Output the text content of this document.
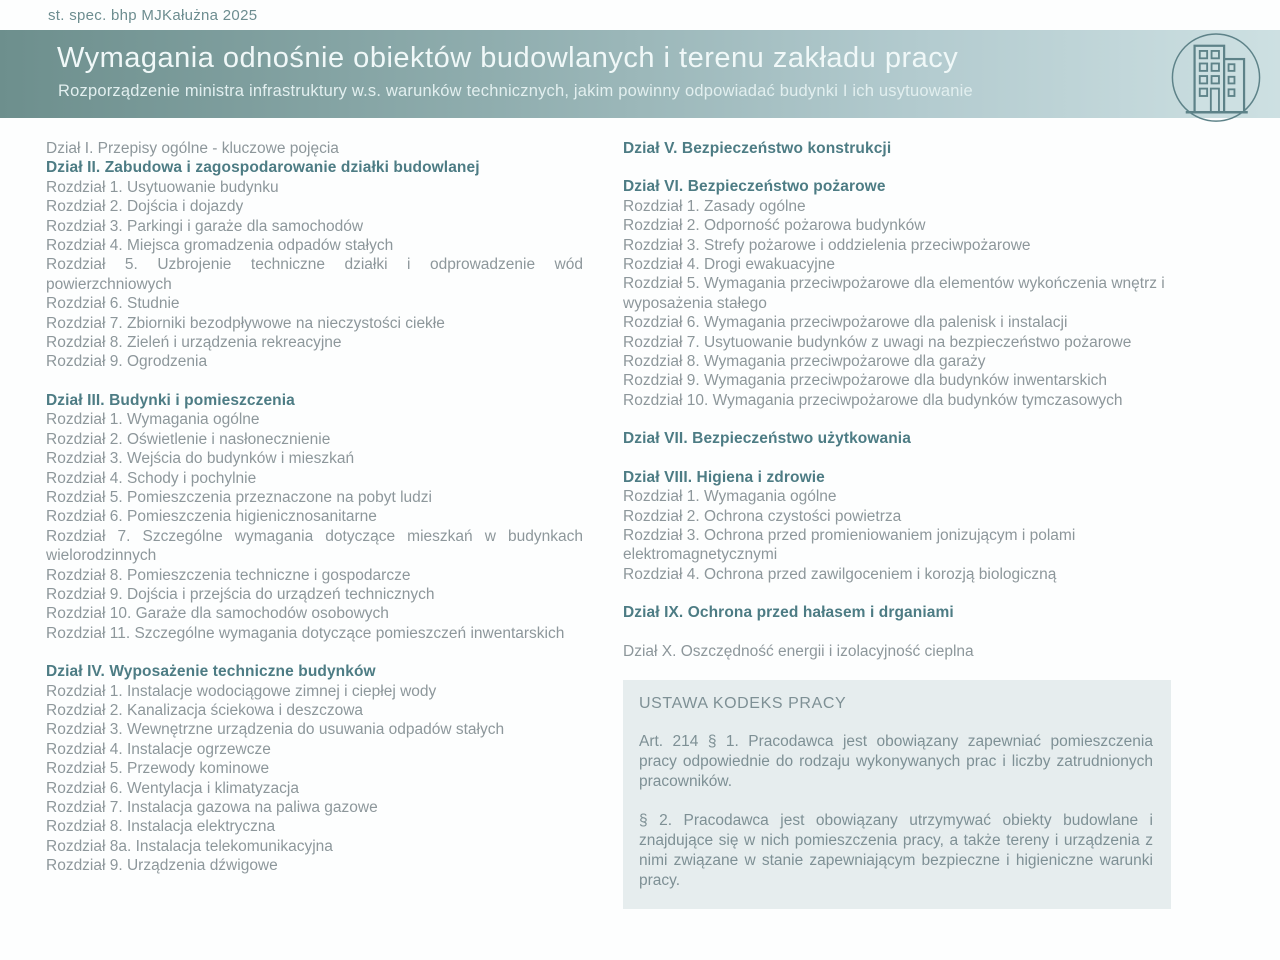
st. spec. bhp MJKałużna 2025
Wymagania odnośnie obiektów budowlanych i terenu zakładu pracy
Rozporządzenie ministra infrastruktury w.s. warunków technicznych, jakim powinny odpowiadać budynki I ich usytuowanie

Dział I. Przepisy ogólne - kluczowe pojęcia

Dział II. Zabudowa i zagospodarowanie działki budowlanej

Rozdział 1. Usytuowanie budynku

Rozdział 2. Dojścia i dojazdy

Rozdział 3. Parkingi i garaże dla samochodów

Rozdział 4. Miejsca gromadzenia odpadów stałych

Rozdział 5. Uzbrojenie techniczne działki i odprowadzenie wód powierzchniowych

Rozdział 6. Studnie

Rozdział 7. Zbiorniki bezodpływowe na nieczystości ciekłe

Rozdział 8. Zieleń i urządzenia rekreacyjne

Rozdział 9. Ogrodzenia

Dział III. Budynki i pomieszczenia

Rozdział 1. Wymagania ogólne

Rozdział 2. Oświetlenie i nasłonecznienie

Rozdział 3. Wejścia do budynków i mieszkań

Rozdział 4. Schody i pochylnie

Rozdział 5. Pomieszczenia przeznaczone na pobyt ludzi

Rozdział 6. Pomieszczenia higienicznosanitarne

Rozdział 7. Szczególne wymagania dotyczące mieszkań w budynkach wielorodzinnych

Rozdział 8. Pomieszczenia techniczne i gospodarcze

Rozdział 9. Dojścia i przejścia do urządzeń technicznych

Rozdział 10. Garaże dla samochodów osobowych

Rozdział 11. Szczególne wymagania dotyczące pomieszczeń inwentarskich

Dział IV. Wyposażenie techniczne budynków

Rozdział 1. Instalacje wodociągowe zimnej i ciepłej wody

Rozdział 2. Kanalizacja ściekowa i deszczowa

Rozdział 3. Wewnętrzne urządzenia do usuwania odpadów stałych

Rozdział 4. Instalacje ogrzewcze

Rozdział 5. Przewody kominowe

Rozdział 6. Wentylacja i klimatyzacja

Rozdział 7. Instalacja gazowa na paliwa gazowe

Rozdział 8. Instalacja elektryczna

Rozdział 8a. Instalacja telekomunikacyjna

Rozdział 9. Urządzenia dźwigowe

Dział V. Bezpieczeństwo konstrukcji

Dział VI. Bezpieczeństwo pożarowe

Rozdział 1. Zasady ogólne

Rozdział 2. Odporność pożarowa budynków

Rozdział 3. Strefy pożarowe i oddzielenia przeciwpożarowe

Rozdział 4. Drogi ewakuacyjne

Rozdział 5. Wymagania przeciwpożarowe dla elementów wykończenia wnętrz i wyposażenia stałego

Rozdział 6. Wymagania przeciwpożarowe dla palenisk i instalacji

Rozdział 7. Usytuowanie budynków z uwagi na bezpieczeństwo pożarowe

Rozdział 8. Wymagania przeciwpożarowe dla garaży

Rozdział 9. Wymagania przeciwpożarowe dla budynków inwentarskich

Rozdział 10. Wymagania przeciwpożarowe dla budynków tymczasowych

Dział VII. Bezpieczeństwo użytkowania

Dział VIII. Higiena i zdrowie

Rozdział 1. Wymagania ogólne

Rozdział 2. Ochrona czystości powietrza

Rozdział 3. Ochrona przed promieniowaniem jonizującym i polami elektromagnetycznymi

Rozdział 4. Ochrona przed zawilgoceniem i korozją biologiczną

Dział IX. Ochrona przed hałasem i drganiami

Dział X. Oszczędność energii i izolacyjność cieplna

USTAWA KODEKS PRACY

Art. 214 § 1. Pracodawca jest obowiązany zapewniać pomieszczenia pracy odpowiednie do rodzaju wykonywanych prac i liczby zatrudnionych pracowników.

§ 2. Pracodawca jest obowiązany utrzymywać obiekty budowlane i znajdujące się w nich pomieszczenia pracy, a także tereny i urządzenia z nimi związane w stanie zapewniającym bezpieczne i higieniczne warunki pracy.
